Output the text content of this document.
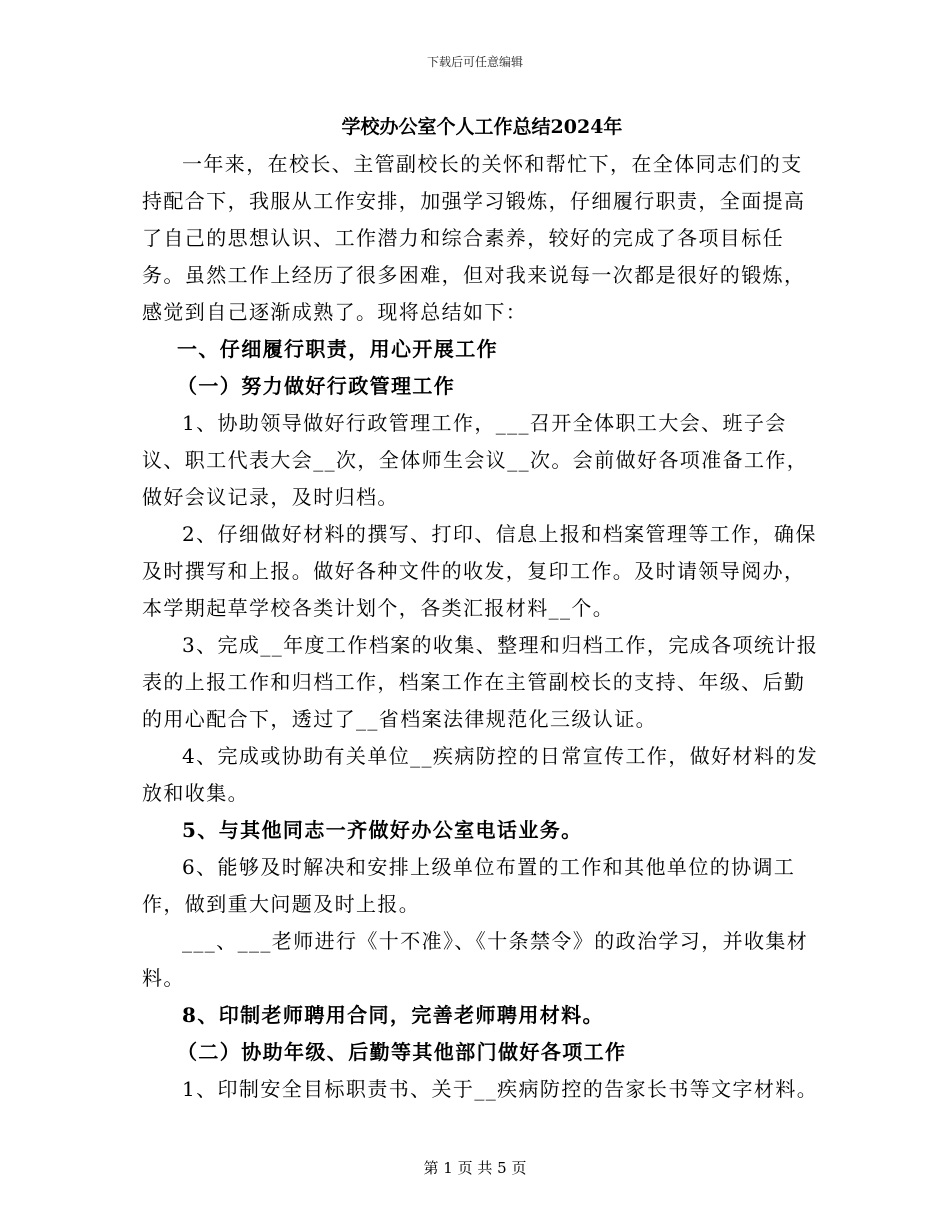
下载后可任意编辑
学校办公室个人工作总结2024年

一年来，在校长、主管副校长的关怀和帮忙下，在全体同志们的支持配合下，我服从工作安排，加强学习锻炼，仔细履行职责，全面提高了自己的思想认识、工作潜力和综合素养，较好的完成了各项目标任务。虽然工作上经历了很多困难，但对我来说每一次都是很好的锻炼，感觉到自己逐渐成熟了。现将总结如下：

一、仔细履行职责，用心开展工作

（一）努力做好行政管理工作

1、协助领导做好行政管理工作，___召开全体职工大会、班子会议、职工代表大会__次，全体师生会议__次。会前做好各项准备工作，做好会议记录，及时归档。

2、仔细做好材料的撰写、打印、信息上报和档案管理等工作，确保及时撰写和上报。做好各种文件的收发，复印工作。及时请领导阅办，本学期起草学校各类计划个，各类汇报材料__个。

3、完成__年度工作档案的收集、整理和归档工作，完成各项统计报表的上报工作和归档工作，档案工作在主管副校长的支持、年级、后勤的用心配合下，透过了__省档案法律规范化三级认证。

4、完成或协助有关单位__疾病防控的日常宣传工作，做好材料的发放和收集。

5、与其他同志一齐做好办公室电话业务。

6、能够及时解决和安排上级单位布置的工作和其他单位的协调工作，做到重大问题及时上报。

___、___老师进行《十不准》、《十条禁令》的政治学习，并收集材料。

8、印制老师聘用合同，完善老师聘用材料。

（二）协助年级、后勤等其他部门做好各项工作

1、印制安全目标职责书、关于__疾病防控的告家长书等文字材料。

第 1 页 共 5 页
